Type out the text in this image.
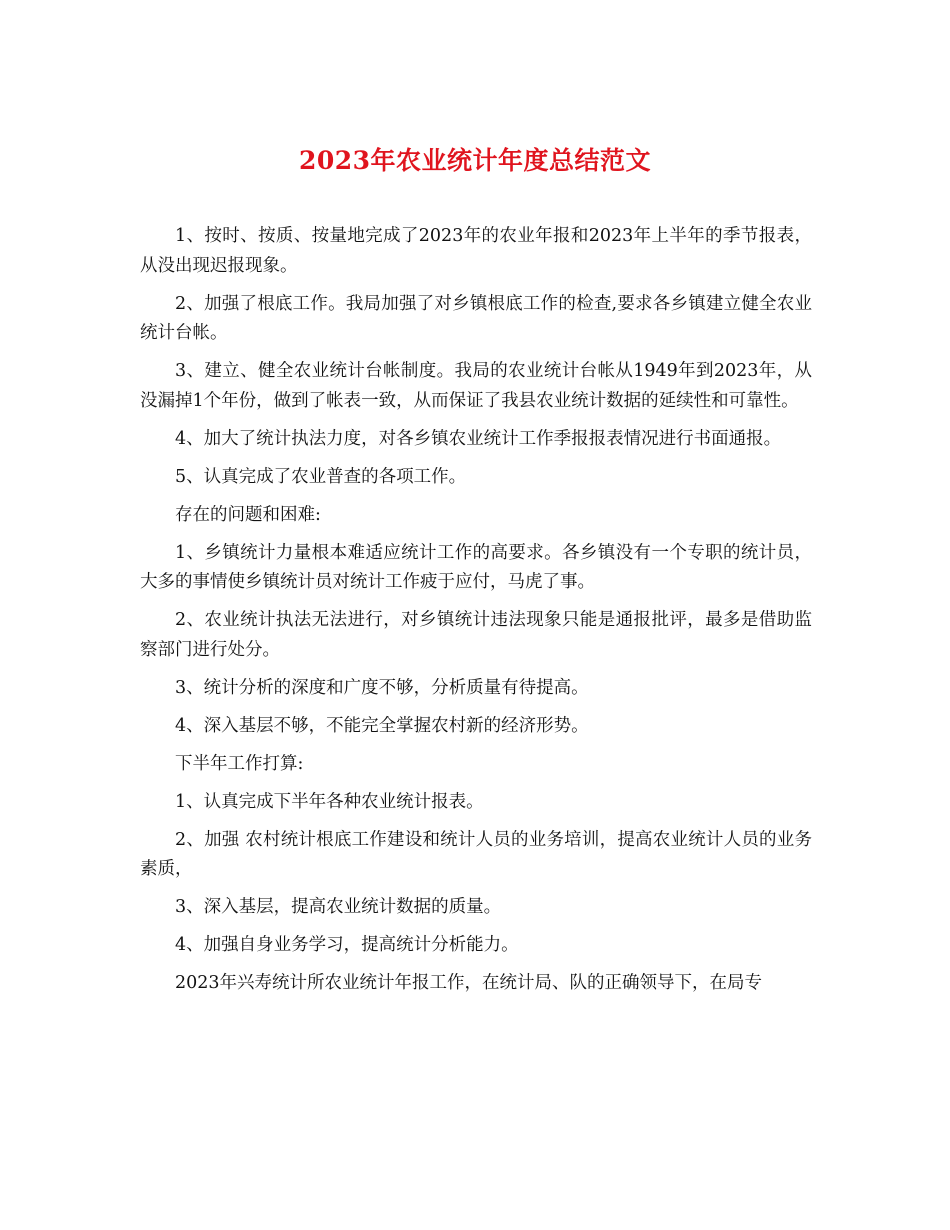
2023年农业统计年度总结范文

1、按时、按质、按量地完成了2023年的农业年报和2023年上半年的季节报表，从没出现迟报现象。

2、加强了根底工作。我局加强了对乡镇根底工作的检查,要求各乡镇建立健全农业统计台帐。

3、建立、健全农业统计台帐制度。我局的农业统计台帐从1949年到2023年，从没漏掉1个年份，做到了帐表一致，从而保证了我县农业统计数据的延续性和可靠性。

4、加大了统计执法力度，对各乡镇农业统计工作季报报表情况进行书面通报。

5、认真完成了农业普查的各项工作。

存在的问题和困难:

1、乡镇统计力量根本难适应统计工作的高要求。各乡镇没有一个专职的统计员，大多的事情使乡镇统计员对统计工作疲于应付，马虎了事。

2、农业统计执法无法进行，对乡镇统计违法现象只能是通报批评，最多是借助监察部门进行处分。

3、统计分析的深度和广度不够，分析质量有待提高。

4、深入基层不够，不能完全掌握农村新的经济形势。

下半年工作打算:

1、认真完成下半年各种农业统计报表。

2、加强 农村统计根底工作建设和统计人员的业务培训，提高农业统计人员的业务素质，

3、深入基层，提高农业统计数据的质量。

4、加强自身业务学习，提高统计分析能力。

2023年兴寿统计所农业统计年报工作，在统计局、队的正确领导下，在局专
